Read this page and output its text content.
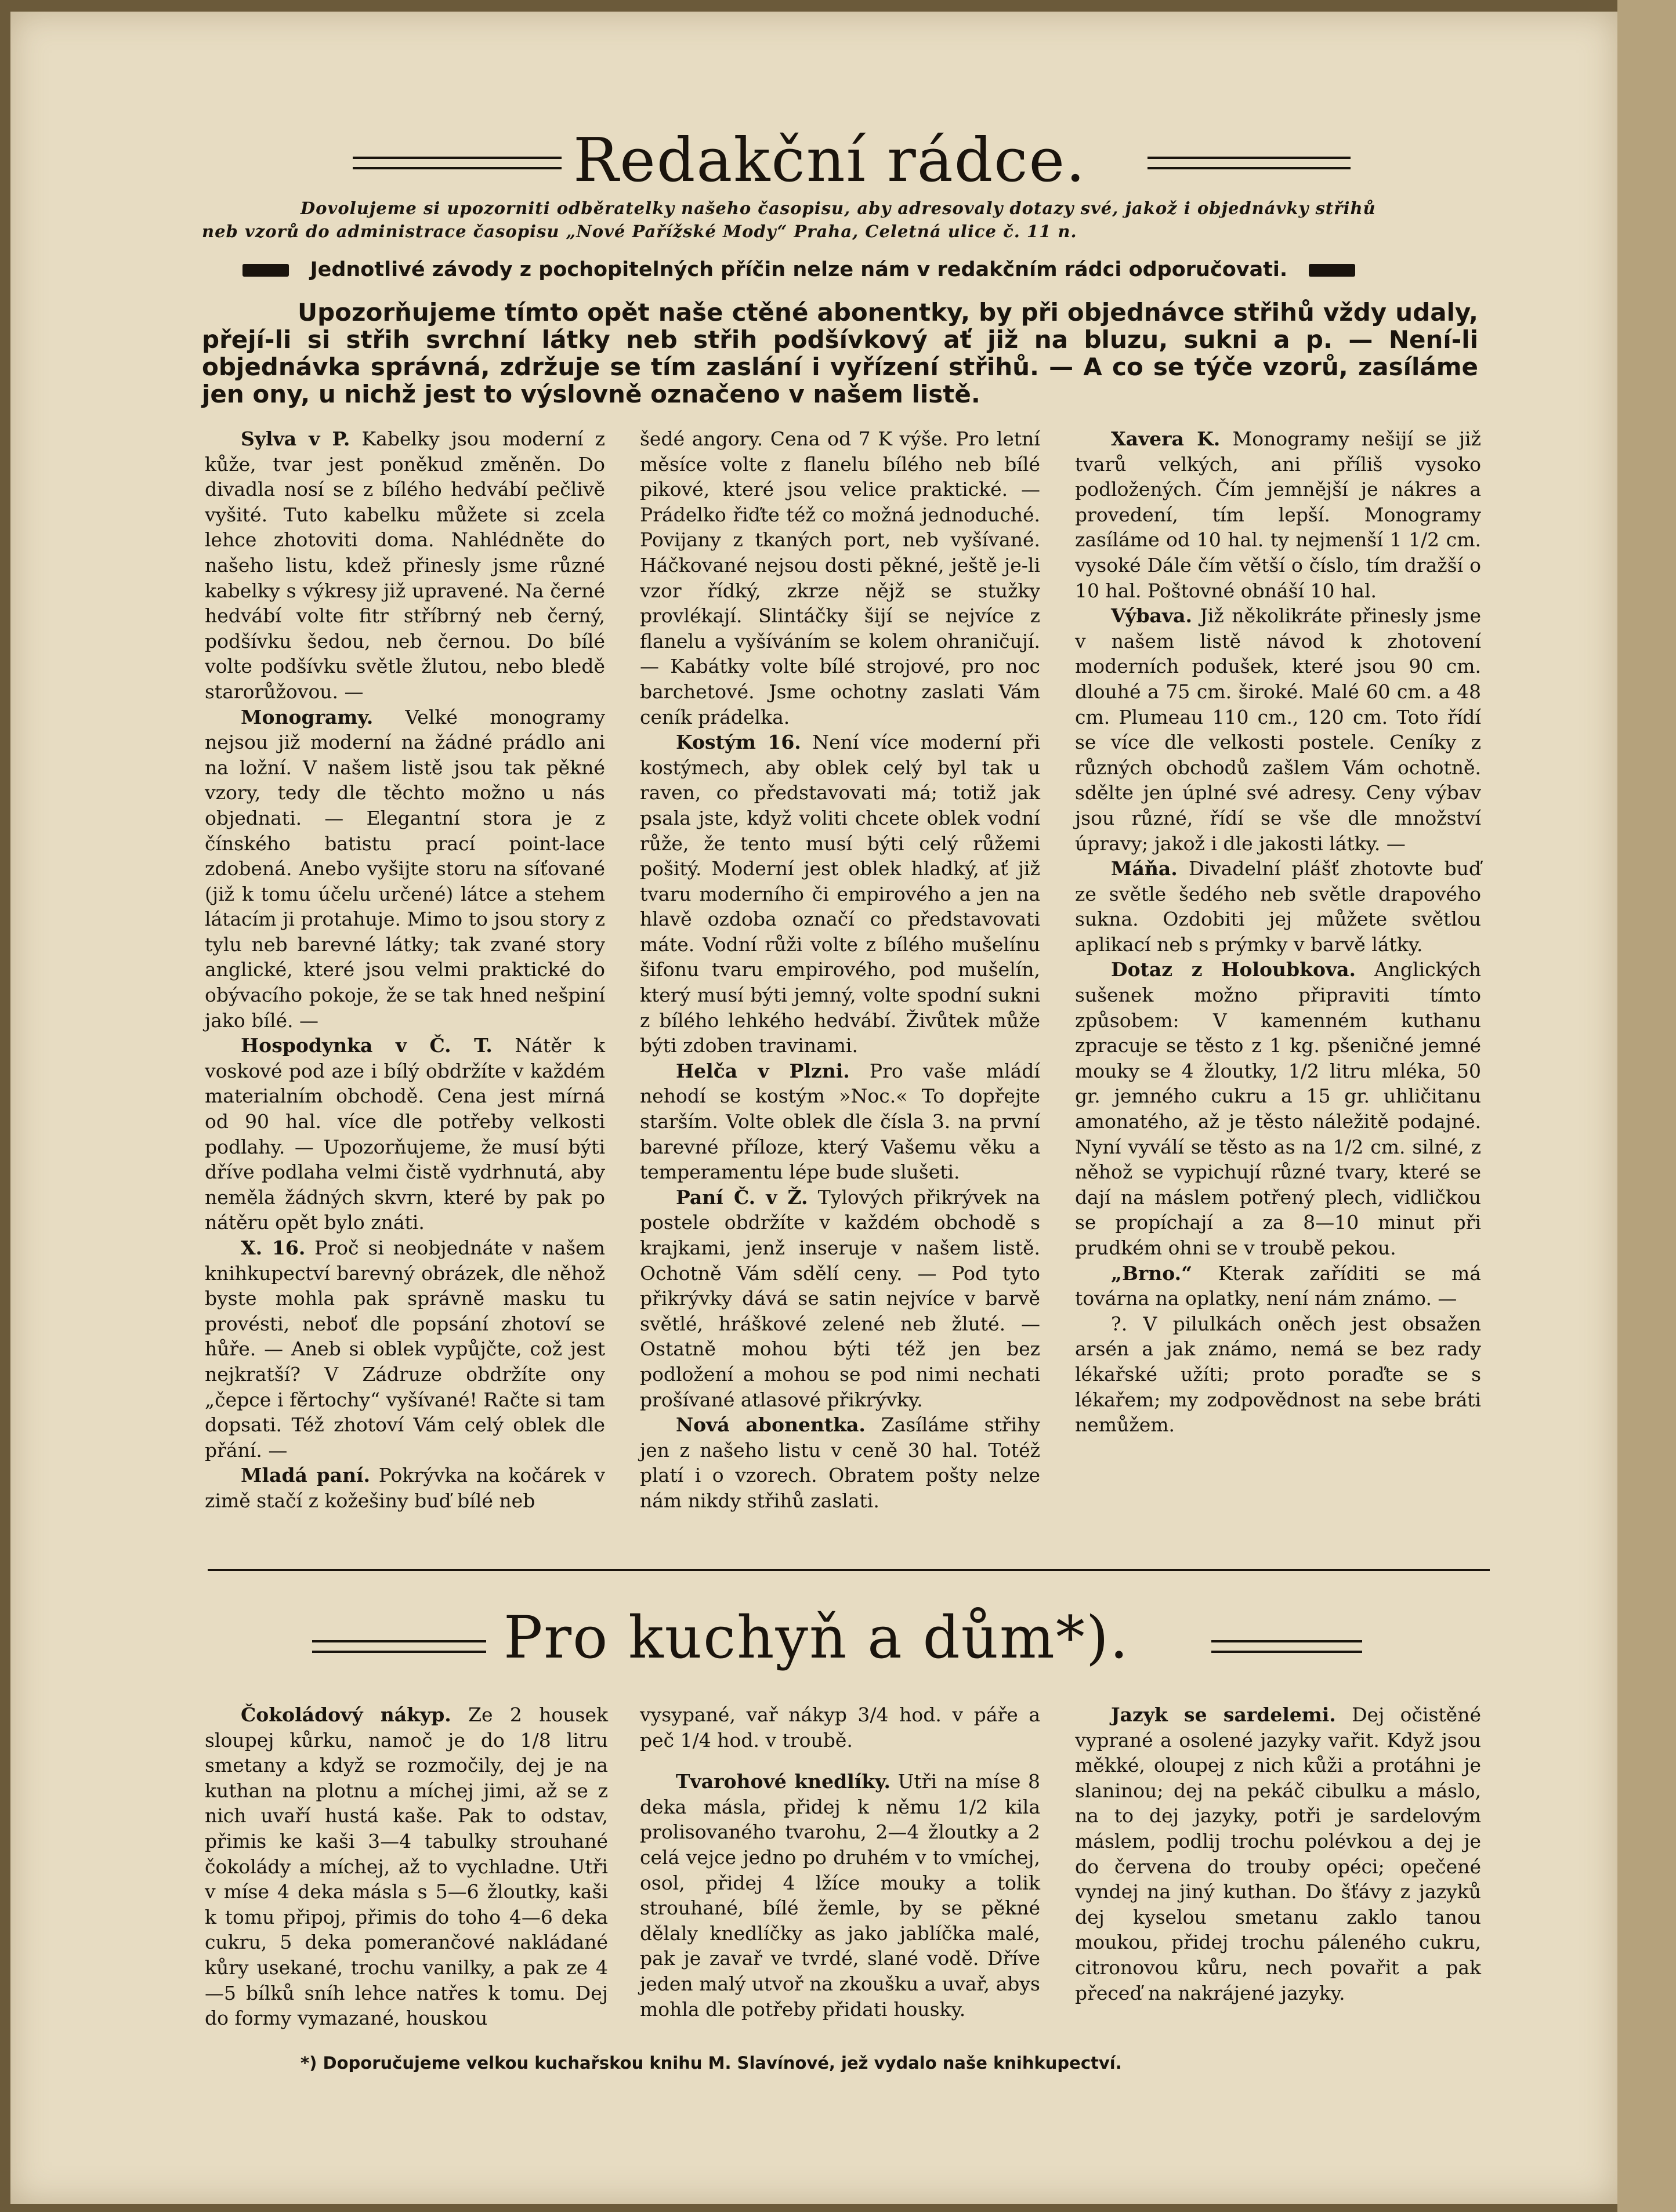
Redakční rádce.
Dovolujeme si upozorniti odběratelky našeho časopisu, aby adresovaly dotazy své, jakož i objednávky střihů
neb vzorů do administrace časopisu „Nové Pařížské Mody“ Praha, Celetná ulice č. 11 n.
Jednotlivé závody z pochopitelných příčin nelze nám v redakčním rádci odporučovati.
Upozorňujeme tímto opět naše ctěné abonentky, by při objednávce střihů vždy udaly, přejí-li si střih svrchní látky neb střih podšívkový ať již na bluzu, sukni a p. — Není-li objednávka správná, zdržuje se tím zaslání i vyřízení střihů. — A co se týče vzorů, zasíláme jen ony, u nichž jest to výslovně označeno v našem listě.

Sylva v P. Kabelky jsou moderní z kůže, tvar jest poněkud změněn. Do divadla nosí se z bílého hedvábí pečlivě vyšité. Tuto kabelku můžete si zcela lehce zhotoviti doma. Nahlédněte do našeho listu, kdež přinesly jsme různé kabelky s výkresy již upravené. Na černé hedvábí volte fitr stříbrný neb černý, podšívku šedou, neb černou. Do bílé volte podšívku světle žlutou, nebo bledě starorůžovou. —

Monogramy. Velké monogramy nejsou již moderní na žádné prádlo ani na ložní. V našem listě jsou tak pěkné vzory, tedy dle těchto možno u nás objednati. — Elegantní stora je z čínského batistu prací point-lace zdobená. Anebo vyšijte storu na síťované (již k tomu účelu určené) látce a stehem látacím ji protahuje. Mimo to jsou story z tylu neb barevné látky; tak zvané story anglické, které jsou velmi praktické do obývacího pokoje, že se tak hned nešpiní jako bílé. —

Hospodynka v Č. T. Nátěr k voskové pod aze i bílý obdržíte v každém materialním obchodě. Cena jest mírná od 90 hal. více dle potřeby velkosti podlahy. — Upozorňujeme, že musí býti dříve podlaha velmi čistě vydrhnutá, aby neměla žádných skvrn, které by pak po nátěru opět bylo znáti.

X. 16. Proč si neobjednáte v našem knihkupectví barevný obrázek, dle něhož byste mohla pak správně masku tu provésti, neboť dle popsání zhotoví se hůře. — Aneb si oblek vypůjčte, což jest nejkratší? V Zádruze obdržíte ony „čepce i fěrtochy“ vyšívané! Račte si tam dopsati. Též zhotoví Vám celý oblek dle přání. —

Mladá paní. Pokrývka na kočárek v zimě stačí z kožešiny buď bílé neb

šedé angory. Cena od 7 K výše. Pro letní měsíce volte z flanelu bílého neb bílé pikové, které jsou velice praktické. — Prádelko řiďte též co možná jednoduché. Povijany z tkaných port, neb vyšívané. Háčkované nejsou dosti pěkné, ještě je-li vzor řídký, zkrze nějž se stužky provlékají. Slintáčky šijí se nejvíce z flanelu a vyšíváním se kolem ohraničují. — Kabátky volte bílé strojové, pro noc barchetové. Jsme ochotny zaslati Vám ceník prádelka.

Kostým 16. Není více moderní při kostýmech, aby oblek celý byl tak u raven, co představovati má; totiž jak psala jste, když voliti chcete oblek vodní růže, že tento musí býti celý růžemi pošitý. Moderní jest oblek hladký, ať již tvaru moderního či empirového a jen na hlavě ozdoba označí co představovati máte. Vodní růži volte z bílého mušelínu šifonu tvaru empirového, pod mušelín, který musí býti jemný, volte spodní sukni z bílého lehkého hedvábí. Živůtek může býti zdoben travinami.

Helča v Plzni. Pro vaše mládí nehodí se kostým »Noc.« To dopřejte starším. Volte oblek dle čísla 3. na první barevné příloze, který Vašemu věku a temperamentu lépe bude slušeti.

Paní Č. v Ž. Tylových přikrývek na postele obdržíte v každém obchodě s krajkami, jenž inseruje v našem listě. Ochotně Vám sdělí ceny. — Pod tyto přikrývky dává se satin nejvíce v barvě světlé, hráškové zelené neb žluté. — Ostatně mohou býti též jen bez podložení a mohou se pod nimi nechati prošívané atlasové přikrývky.

Nová abonentka. Zasíláme střihy jen z našeho listu v ceně 30 hal. Totéž platí i o vzorech. Obratem pošty nelze nám nikdy střihů zaslati.

Xavera K. Monogramy nešijí se již tvarů velkých, ani příliš vysoko podložených. Čím jemnější je nákres a provedení, tím lepší. Monogramy zasíláme od 10 hal. ty nejmenší 1 1/2 cm. vysoké Dále čím větší o číslo, tím dražší o 10 hal. Poštovné obnáší 10 hal.

Výbava. Již několikráte přinesly jsme v našem listě návod k zhotovení moderních podušek, které jsou 90 cm. dlouhé a 75 cm. široké. Malé 60 cm. a 48 cm. Plumeau 110 cm., 120 cm. Toto řídí se více dle velkosti postele. Ceníky z různých obchodů zašlem Vám ochotně. sdělte jen úplné své adresy. Ceny výbav jsou různé, řídí se vše dle množství úpravy; jakož i dle jakosti látky. —

Máňa. Divadelní plášť zhotovte buď ze světle šedého neb světle drapového sukna. Ozdobiti jej můžete světlou aplikací neb s prýmky v barvě látky.

Dotaz z Holoubkova. Anglických sušenek možno připraviti tímto způsobem: V kamenném kuthanu zpracuje se těsto z 1 kg. pšeničné jemné mouky se 4 žloutky, 1/2 litru mléka, 50 gr. jemného cukru a 15 gr. uhličitanu amonatého, až je těsto náležitě podajné. Nyní vyválí se těsto as na 1/2 cm. silné, z něhož se vypichují různé tvary, které se dají na máslem potřený plech, vidličkou se propíchají a za 8—10 minut při prudkém ohni se v troubě pekou.

„Brno.“ Kterak zaříditi se má továrna na oplatky, není nám známo. —

?. V pilulkách oněch jest obsažen arsén a jak známo, nemá se bez rady lékařské užíti; proto poraďte se s lékařem; my zodpovědnost na sebe bráti nemůžem.

Pro kuchyň a dům*).

Čokoládový nákyp. Ze 2 housek sloupej kůrku, namoč je do 1/8 litru smetany a když se rozmočily, dej je na kuthan na plotnu a míchej jimi, až se z nich uvaří hustá kaše. Pak to odstav, přimis ke kaši 3—4 tabulky strouhané čokolády a míchej, až to vychladne. Utři v míse 4 deka másla s 5—6 žloutky, kaši k tomu připoj, přimis do toho 4—6 deka cukru, 5 deka pomerančové nakládané kůry usekané, trochu vanilky, a pak ze 4—5 bílků sníh lehce natřes k tomu. Dej do formy vymazané, houskou

vysypané, vař nákyp 3/4 hod. v páře a peč 1/4 hod. v troubě.

Tvarohové knedlíky. Utři na míse 8 deka másla, přidej k němu 1/2 kila prolisovaného tvarohu, 2—4 žloutky a 2 celá vejce jedno po druhém v to vmíchej, osol, přidej 4 lžíce mouky a tolik strouhané, bílé žemle, by se pěkné dělaly knedlíčky as jako jablíčka malé, pak je zavař ve tvrdé, slané vodě. Dříve jeden malý utvoř na zkoušku a uvař, abys mohla dle potřeby přidati housky.

Jazyk se sardelemi. Dej očistěné vyprané a osolené jazyky vařit. Když jsou měkké, oloupej z nich kůži a protáhni je slaninou; dej na pekáč cibulku a máslo, na to dej jazyky, potři je sardelovým máslem, podlij trochu polévkou a dej je do červena do trouby opéci; opečené vyndej na jiný kuthan. Do šťávy z jazyků dej kyselou smetanu zaklo tanou moukou, přidej trochu páleného cukru, citronovou kůru, nech povařit a pak přeceď na nakrájené jazyky.

*) Doporučujeme velkou kuchařskou knihu M. Slavínové, jež vydalo naše knihkupectví.
